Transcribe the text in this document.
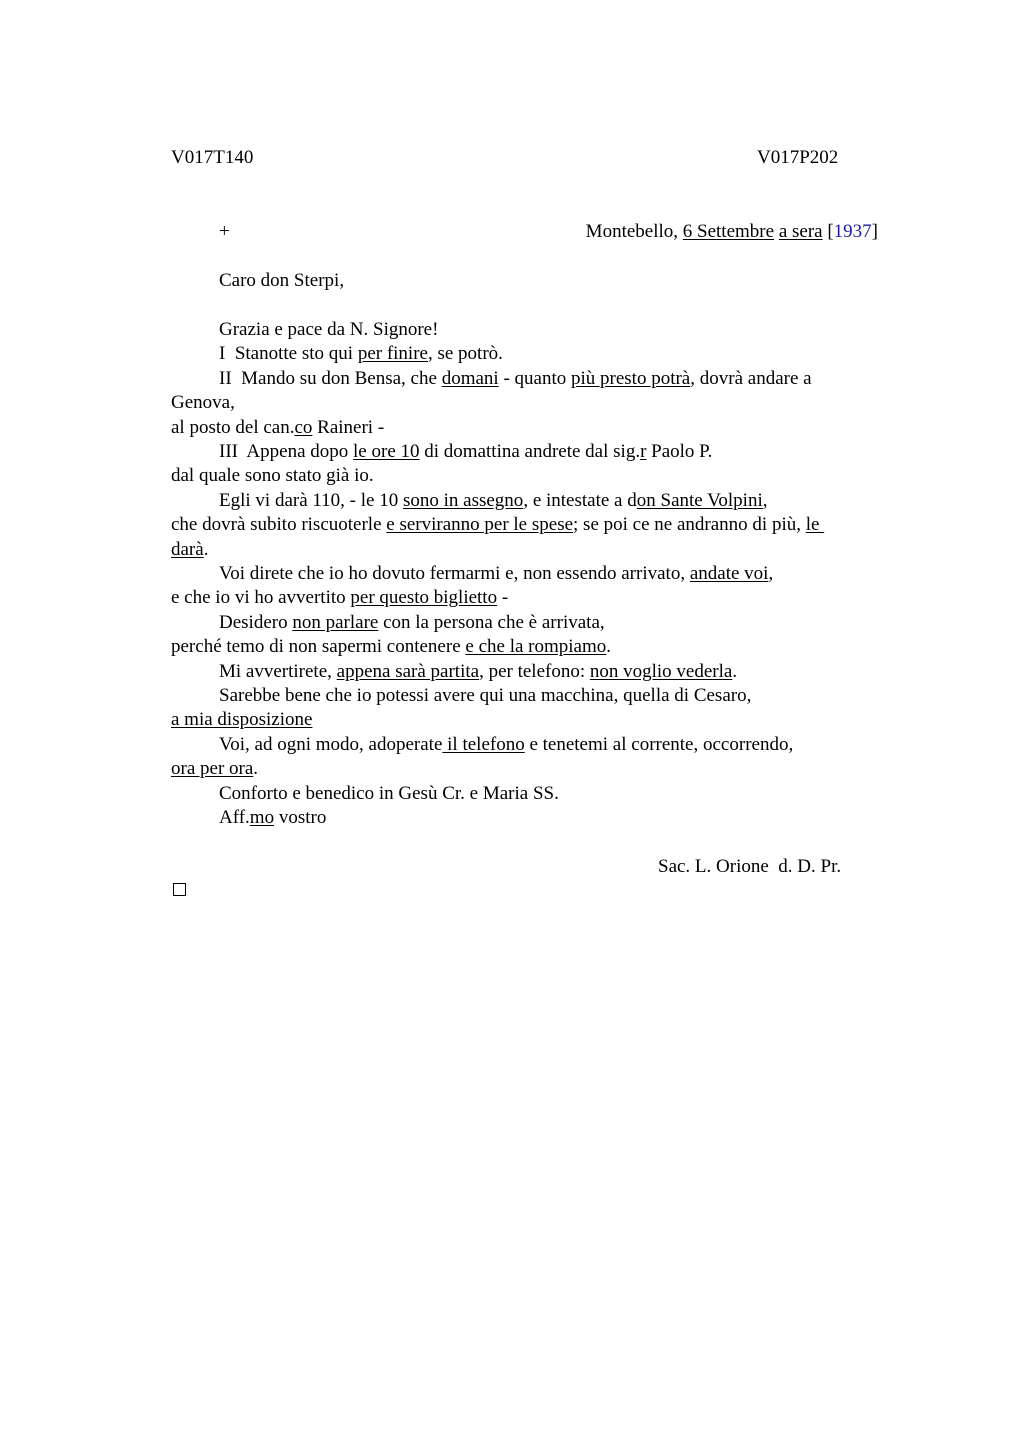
V017T140	V017P202
+	Montebello, 6 Settembre a sera [1937]
Caro don Sterpi,
Grazia e pace da N. Signore!
I  Stanotte sto qui per finire, se potrò.
II  Mando su don Bensa, che domani - quanto più presto potrà, dovrà andare a
Genova,
al posto del can.co Raineri -
III  Appena dopo le ore 10 di domattina andrete dal sig.r Paolo P.
dal quale sono stato già io.
Egli vi darà 110, - le 10 sono in assegno, e intestate a don Sante Volpini,
che dovrà subito riscuoterle e serviranno per le spese; se poi ce ne andranno di più, le
darà.
Voi direte che io ho dovuto fermarmi e, non essendo arrivato, andate voi,
e che io vi ho avvertito per questo biglietto -
Desidero non parlare con la persona che è arrivata,
perché temo di non sapermi contenere e che la rompiamo.
Mi avvertirete, appena sarà partita, per telefono: non voglio vederla.
Sarebbe bene che io potessi avere qui una macchina, quella di Cesaro,
a mia disposizione
Voi, ad ogni modo, adoperate il telefono e tenetemi al corrente, occorrendo,
ora per ora.
Conforto e benedico in Gesù Cr. e Maria SS.
Aff.mo vostro
Sac. L. Orione  d. D. Pr.
